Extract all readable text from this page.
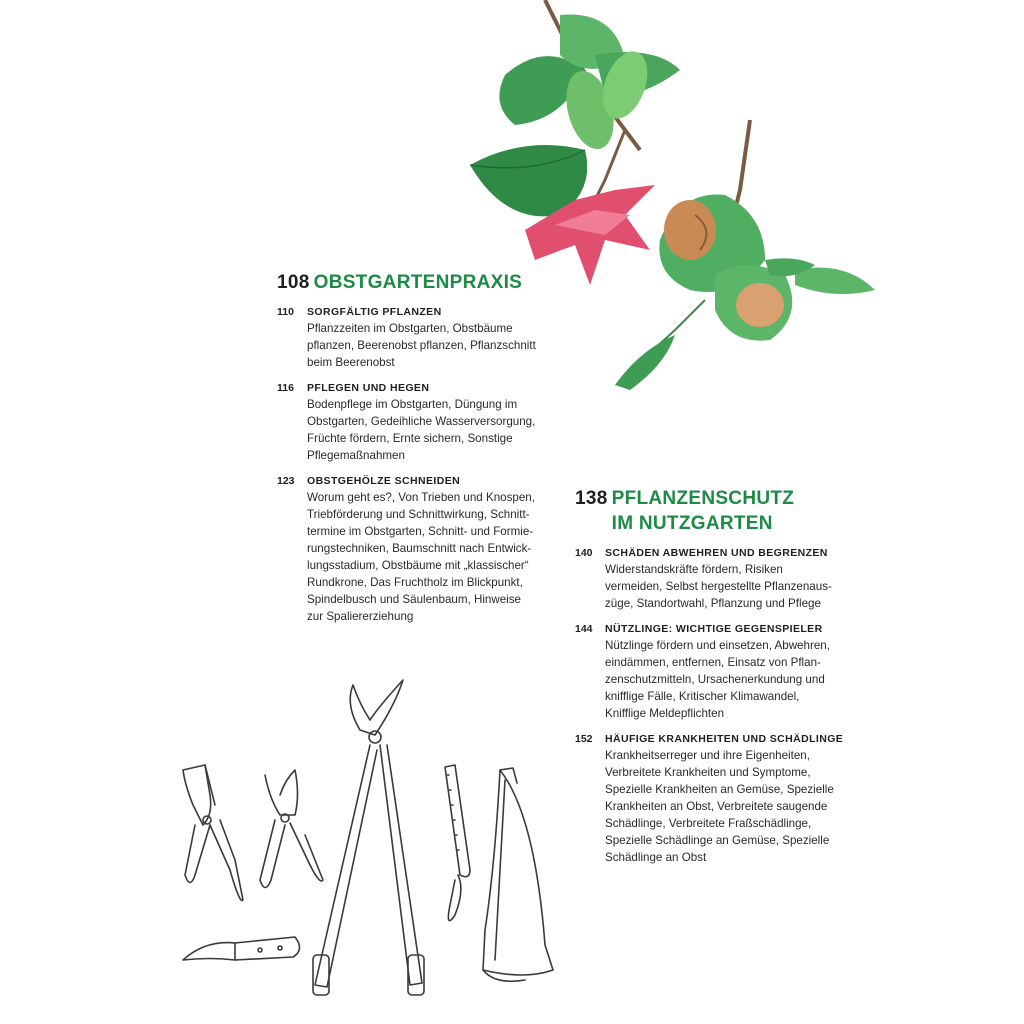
108 OBSTGARTENPRAXIS
110	SORGFÄLTIG PFLANZEN
Pflanzzeiten im Obstgarten, Obstbäume
pflanzen, Beerenobst pflanzen, Pflanzschnitt
beim Beerenobst
116	PFLEGEN UND HEGEN
Bodenpflege im Obstgarten, Düngung im
Obstgarten, Gedeihliche Wasserversorgung,
Früchte fördern, Ernte sichern, Sonstige
Pflegemaßnahmen
123	OBSTGEHÖLZE SCHNEIDEN
Worum geht es?, Von Trieben und Knospen,
Triebförderung und Schnittwirkung, Schnitt-
termine im Obstgarten, Schnitt- und Formie-
rungstechniken, Baumschnitt nach Entwick-
lungsstadium, Obstbäume mit „klassischer“
Rundkrone, Das Fruchtholz im Blickpunkt,
Spindelbusch und Säulenbaum, Hinweise
zur Spaliererziehung
138 PFLANZENSCHUTZ
IM NUTZGARTEN
140	SCHÄDEN ABWEHREN UND BEGRENZEN
Widerstandskräfte fördern, Risiken
vermeiden, Selbst hergestellte Pflanzenaus-
züge, Standortwahl, Pflanzung und Pflege
144	NÜTZLINGE: WICHTIGE GEGENSPIELER
Nützlinge fördern und einsetzen, Abwehren,
eindämmen, entfernen, Einsatz von Pflan-
zenschutzmitteln, Ursachenerkundung und
knifflige Fälle, Kritischer Klimawandel,
Knifflige Meldepflichten
152	HÄUFIGE KRANKHEITEN UND SCHÄDLINGE
Krankheitserreger und ihre Eigenheiten,
Verbreitete Krankheiten und Symptome,
Spezielle Krankheiten an Gemüse, Spezielle
Krankheiten an Obst, Verbreitete saugende
Schädlinge, Verbreitete Fraßschädlinge,
Spezielle Schädlinge an Gemüse, Spezielle
Schädlinge an Obst
